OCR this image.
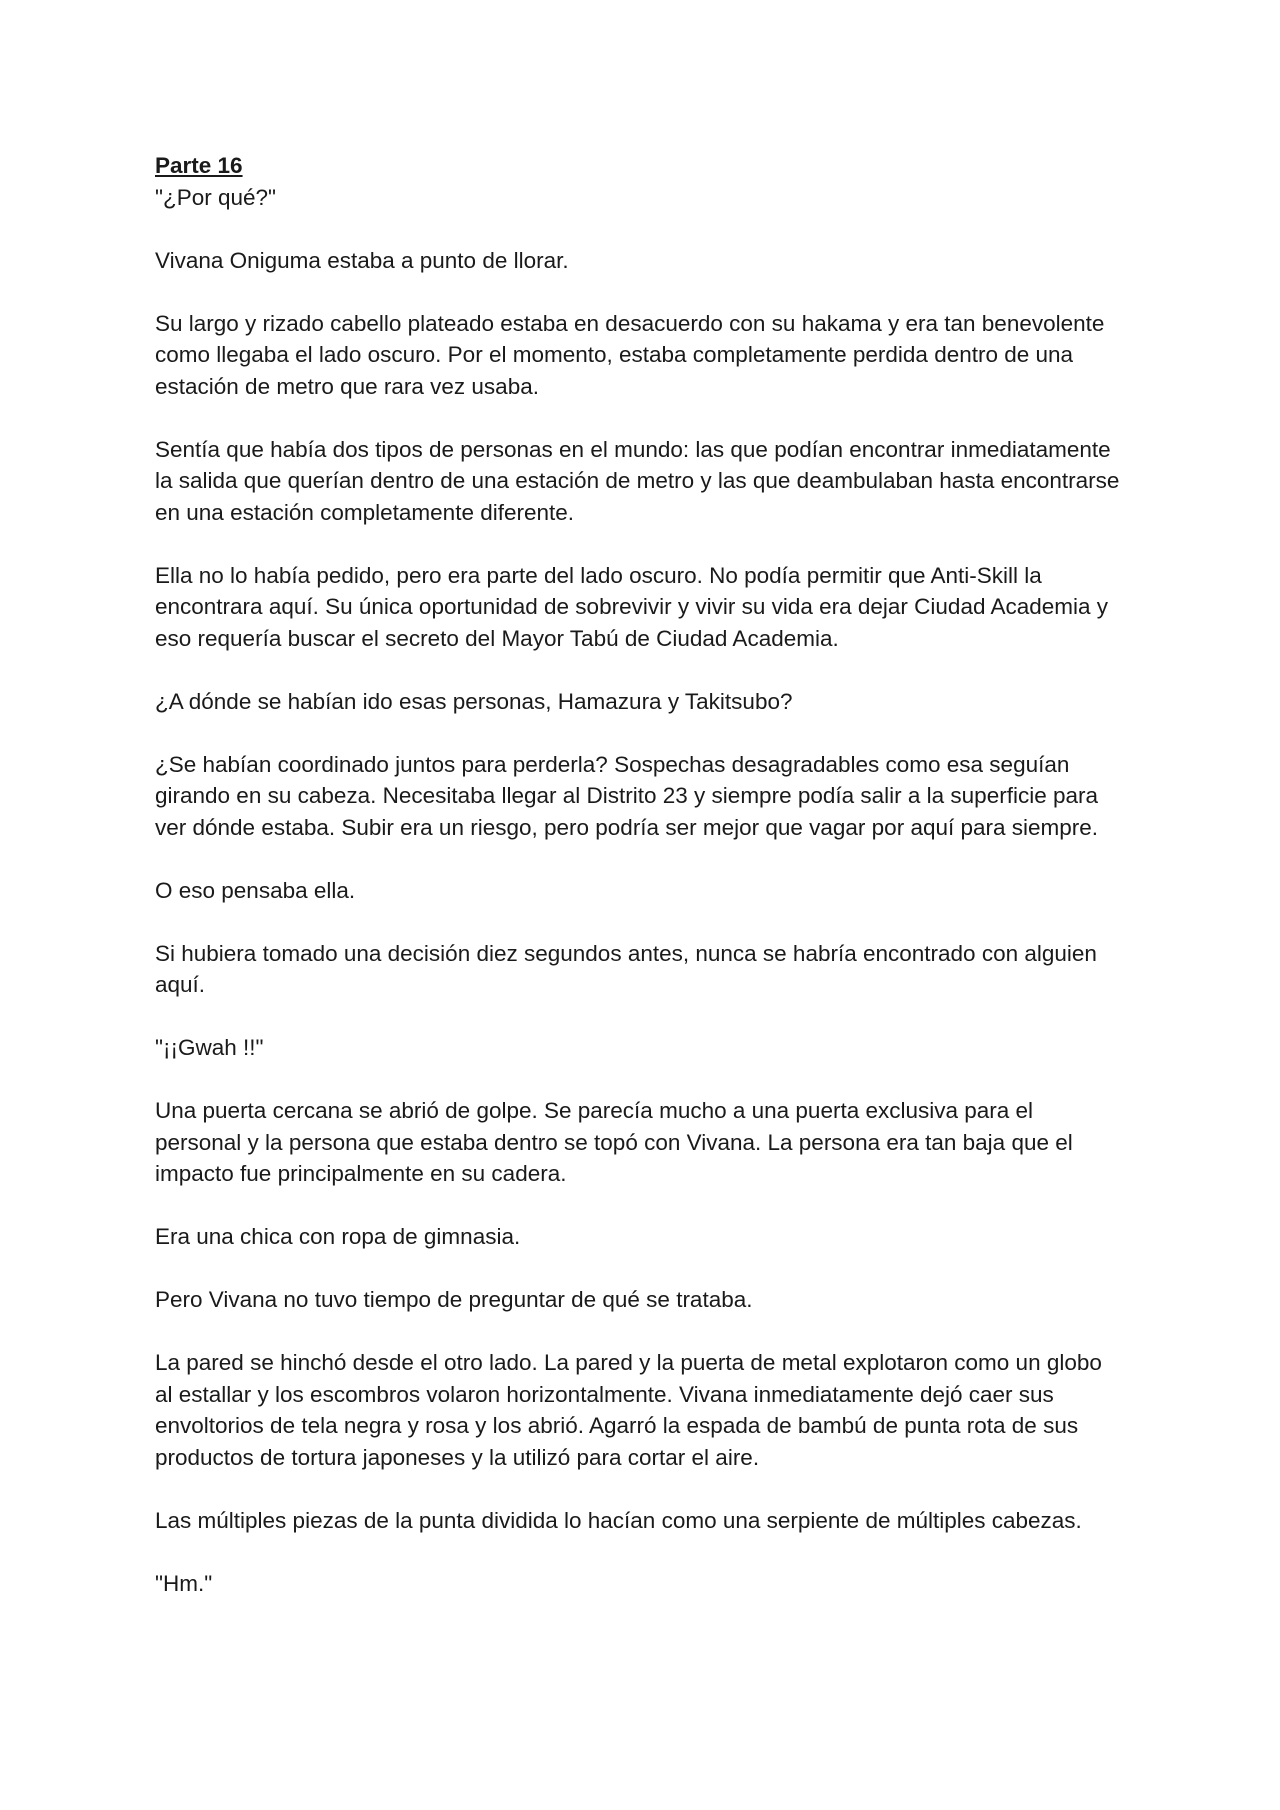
Parte 16

"¿Por qué?"

Vivana Oniguma estaba a punto de llorar.

Su largo y rizado cabello plateado estaba en desacuerdo con su hakama y era tan benevolente como llegaba el lado oscuro. Por el momento, estaba completamente perdida dentro de una estación de metro que rara vez usaba.

Sentía que había dos tipos de personas en el mundo: las que podían encontrar inmediatamente la salida que querían dentro de una estación de metro y las que deambulaban hasta encontrarse en una estación completamente diferente.

Ella no lo había pedido, pero era parte del lado oscuro. No podía permitir que Anti-Skill la encontrara aquí. Su única oportunidad de sobrevivir y vivir su vida era dejar Ciudad Academia y eso requería buscar el secreto del Mayor Tabú de Ciudad Academia.

¿A dónde se habían ido esas personas, Hamazura y Takitsubo?

¿Se habían coordinado juntos para perderla? Sospechas desagradables como esa seguían girando en su cabeza. Necesitaba llegar al Distrito 23 y siempre podía salir a la superficie para ver dónde estaba. Subir era un riesgo, pero podría ser mejor que vagar por aquí para siempre.

O eso pensaba ella.

Si hubiera tomado una decisión diez segundos antes, nunca se habría encontrado con alguien aquí.

"¡¡Gwah !!"

Una puerta cercana se abrió de golpe. Se parecía mucho a una puerta exclusiva para el personal y la persona que estaba dentro se topó con Vivana. La persona era tan baja que el impacto fue principalmente en su cadera.

Era una chica con ropa de gimnasia.

Pero Vivana no tuvo tiempo de preguntar de qué se trataba.

La pared se hinchó desde el otro lado. La pared y la puerta de metal explotaron como un globo al estallar y los escombros volaron horizontalmente. Vivana inmediatamente dejó caer sus envoltorios de tela negra y rosa y los abrió. Agarró la espada de bambú de punta rota de sus productos de tortura japoneses y la utilizó para cortar el aire.

Las múltiples piezas de la punta dividida lo hacían como una serpiente de múltiples cabezas.

"Hm."
